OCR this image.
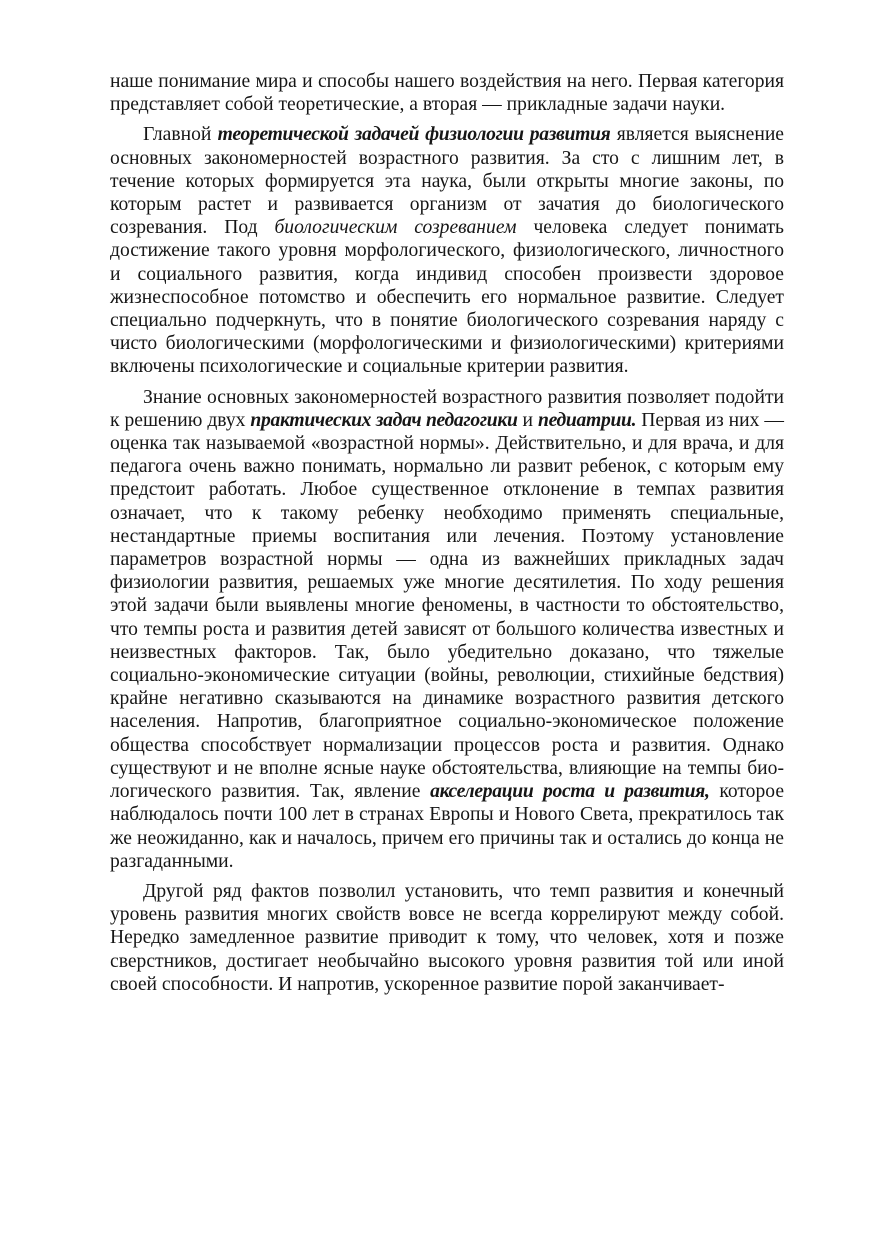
наше понимание мира и способы нашего воздействия на него. Первая категория представляет собой теоретические, а вторая — прикладные задачи науки.

Главной теоретической задачей физиологии развития является выяснение основных закономерностей возрастного развития. За сто с лишним лет, в течение которых формируется эта наука, были открыты многие законы, по которым растет и развивается организм от зачатия до биологического созревания. Под биологическим созреванием человека следует понимать достижение такого уровня морфологического, физиологического, личностного и социального развития, когда индивид способен произвести здоровое жизнеспособное потомство и обеспечить его нормальное развитие. Следует специально подчеркнуть, что в понятие биологического созревания наряду с чисто биологическими (морфологическими и физиологическими) критериями включены психологические и социальные критерии развития.

Знание основных закономерностей возрастного развития позволяет подойти к решению двух практических задач педагогики и педиатрии. Первая из них — оценка так называемой «возрастной нормы». Действительно, и для врача, и для педагога очень важно понимать, нормально ли развит ребенок, с которым ему предстоит работать. Любое существенное отклонение в темпах развития означает, что к такому ребенку необходимо применять специальные, нестандартные приемы воспитания или лечения. Поэтому установление параметров возрастной нормы — одна из важнейших прикладных задач физиологии развития, решаемых уже многие десятилетия. По ходу решения этой задачи были выявлены многие феномены, в частности то обстоятельство, что темпы роста и развития детей зависят от большого количества известных и неизвестных факторов. Так, было убедительно доказано, что тяжелые социально-экономические ситуации (войны, революции, стихийные бедствия) крайне негативно сказываются на динамике возрастного развития детского населения. Напротив, благоприятное социально-экономическое положение общества способствует нормализации процессов роста и развития. Однако существуют и не вполне ясные науке обстоятельства, влияющие на темпы биологического развития. Так, явление акселерации роста и развития, которое наблюдалось почти 100 лет в странах Европы и Нового Света, прекратилось так же неожиданно, как и началось, причем его причины так и остались до конца не разгаданными.

Другой ряд фактов позволил установить, что темп развития и конечный уровень развития многих свойств вовсе не всегда коррелируют между собой. Нередко замедленное развитие приводит к тому, что человек, хотя и позже сверстников, достигает необычайно высокого уровня развития той или иной своей способности. И напротив, ускоренное развитие порой заканчивает-
